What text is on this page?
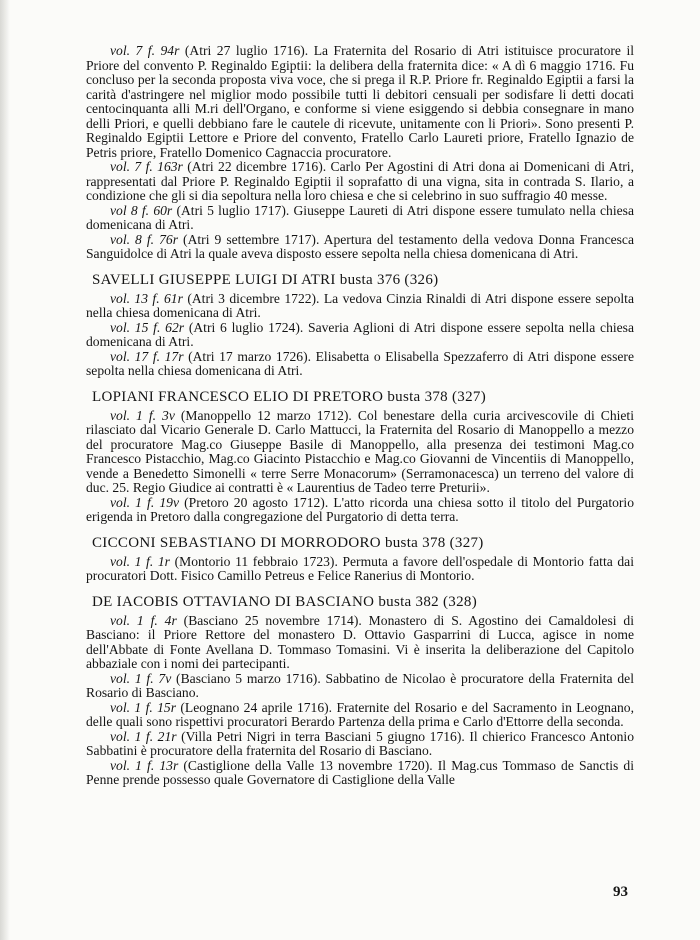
vol. 7 f. 94r (Atri 27 luglio 1716). La Fraternita del Rosario di Atri istituisce procuratore il Priore del convento P. Reginaldo Egiptii: la delibera della fraternita dice: « A dì 6 maggio 1716. Fu concluso per la seconda proposta viva voce, che si prega il R.P. Priore fr. Reginaldo Egiptii a farsi la carità d'astringere nel miglior modo possibile tutti li debitori censuali per sodisfare li detti docati centocinquanta alli M.ri dell'Organo, e conforme si viene esiggendo si debbia consegnare in mano delli Priori, e quelli debbiano fare le cautele di ricevute, unitamente con li Priori». Sono presenti P. Reginaldo Egiptii Lettore e Priore del convento, Fratello Carlo Laureti priore, Fratello Ignazio de Petris priore, Fratello Domenico Cagnaccia procuratore.

vol. 7 f. 163r (Atri 22 dicembre 1716). Carlo Per Agostini di Atri dona ai Domenicani di Atri, rappresentati dal Priore P. Reginaldo Egiptii il soprafatto di una vigna, sita in contrada S. Ilario, a condizione che gli si dia sepoltura nella loro chiesa e che si celebrino in suo suffragio 40 messe.

vol 8 f. 60r (Atri 5 luglio 1717). Giuseppe Laureti di Atri dispone essere tumulato nella chiesa domenicana di Atri.

vol. 8 f. 76r (Atri 9 settembre 1717). Apertura del testamento della vedova Donna Francesca Sanguidolce di Atri la quale aveva disposto essere sepolta nella chiesa domenicana di Atri.

SAVELLI GIUSEPPE LUIGI DI ATRI busta 376 (326)

vol. 13 f. 61r (Atri 3 dicembre 1722). La vedova Cinzia Rinaldi di Atri dispone essere sepolta nella chiesa domenicana di Atri.

vol. 15 f. 62r (Atri 6 luglio 1724). Saveria Aglioni di Atri dispone essere sepolta nella chiesa domenicana di Atri.

vol. 17 f. 17r (Atri 17 marzo 1726). Elisabetta o Elisabella Spezzaferro di Atri dispone essere sepolta nella chiesa domenicana di Atri.

LOPIANI FRANCESCO ELIO DI PRETORO busta 378 (327)

vol. 1 f. 3v (Manoppello 12 marzo 1712). Col benestare della curia arcivescovile di Chieti rilasciato dal Vicario Generale D. Carlo Mattucci, la Fraternita del Rosario di Manoppello a mezzo del procuratore Mag.co Giuseppe Basile di Manoppello, alla presenza dei testimoni Mag.co Francesco Pistacchio, Mag.co Giacinto Pistacchio e Mag.co Giovanni de Vincentiis di Manoppello, vende a Benedetto Simonelli « terre Serre Monacorum» (Serramonacesca) un terreno del valore di duc. 25. Regio Giudice ai contratti è « Laurentius de Tadeo terre Preturii».

vol. 1 f. 19v (Pretoro 20 agosto 1712). L'atto ricorda una chiesa sotto il titolo del Purgatorio erigenda in Pretoro dalla congregazione del Purgatorio di detta terra.

CICCONI SEBASTIANO DI MORRODORO busta 378 (327)

vol. 1 f. 1r (Montorio 11 febbraio 1723). Permuta a favore dell'ospedale di Montorio fatta dai procuratori Dott. Fisico Camillo Petreus e Felice Ranerius di Montorio.

DE IACOBIS OTTAVIANO DI BASCIANO busta 382 (328)

vol. 1 f. 4r (Basciano 25 novembre 1714). Monastero di S. Agostino dei Camaldolesi di Basciano: il Priore Rettore del monastero D. Ottavio Gasparrini di Lucca, agisce in nome dell'Abbate di Fonte Avellana D. Tommaso Tomasini. Vi è inserita la deliberazione del Capitolo abbaziale con i nomi dei partecipanti.

vol. 1 f. 7v (Basciano 5 marzo 1716). Sabbatino de Nicolao è procuratore della Fraternita del Rosario di Basciano.

vol. 1 f. 15r (Leognano 24 aprile 1716). Fraternite del Rosario e del Sacramento in Leognano, delle quali sono rispettivi procuratori Berardo Partenza della prima e Carlo d'Ettorre della seconda.

vol. 1 f. 21r (Villa Petri Nigri in terra Basciani 5 giugno 1716). Il chierico Francesco Antonio Sabbatini è procuratore della fraternita del Rosario di Basciano.

vol. 1 f. 13r (Castiglione della Valle 13 novembre 1720). Il Mag.cus Tommaso de Sanctis di Penne prende possesso quale Governatore di Castiglione della Valle

93
